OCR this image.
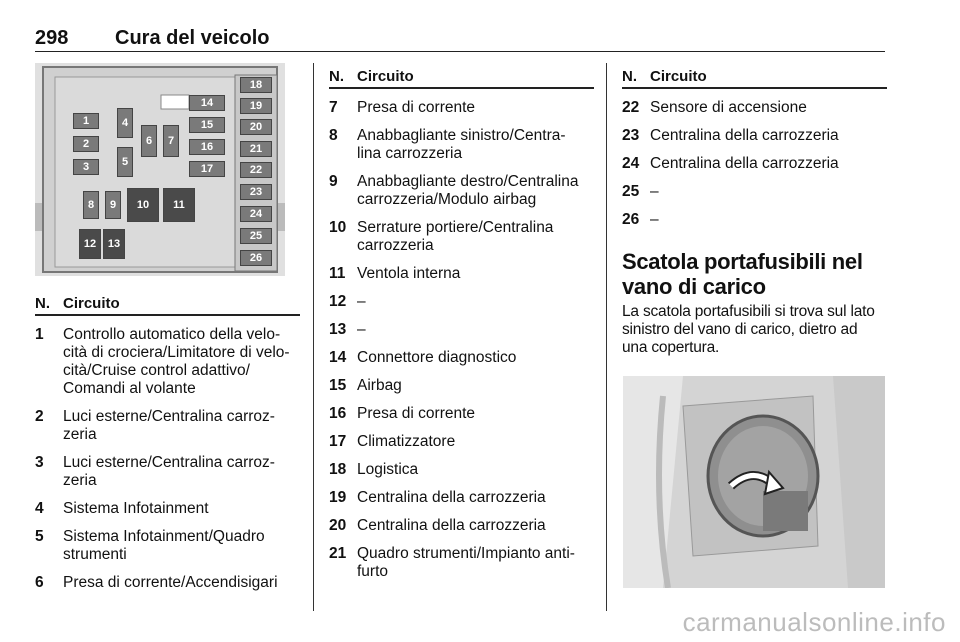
298 Cura del veicolo
1
2
3
4
5
6	7
8	9	10	11
12	13
14
15
16
17
18
19
20
21
22
23
24
25
26
N. Circuito
1 Controllo automatico della velo-
cità di crociera/Limitatore di velo-
cità/Cruise control adattivo/
Comandi al volante
2 Luci esterne/Centralina carroz-
zeria
3 Luci esterne/Centralina carroz-
zeria
4 Sistema Infotainment
5 Sistema Infotainment/Quadro
strumenti
6 Presa di corrente/Accendisigari
N. Circuito
7 Presa di corrente
8 Anabbagliante sinistro/Centra-
lina carrozzeria
9 Anabbagliante destro/Centralina
carrozzeria/Modulo airbag
10 Serrature portiere/Centralina
carrozzeria
11 Ventola interna
12 –
13 –
14 Connettore diagnostico
15 Airbag
16 Presa di corrente
17 Climatizzatore
18 Logistica
19 Centralina della carrozzeria
20 Centralina della carrozzeria
21 Quadro strumenti/Impianto anti-
furto
N. Circuito
22 Sensore di accensione
23 Centralina della carrozzeria
24 Centralina della carrozzeria
25 –
26 –
Scatola portafusibili nel
vano di carico
La scatola portafusibili si trova sul lato
sinistro del vano di carico, dietro ad
una copertura.
carmanualsonline.info
